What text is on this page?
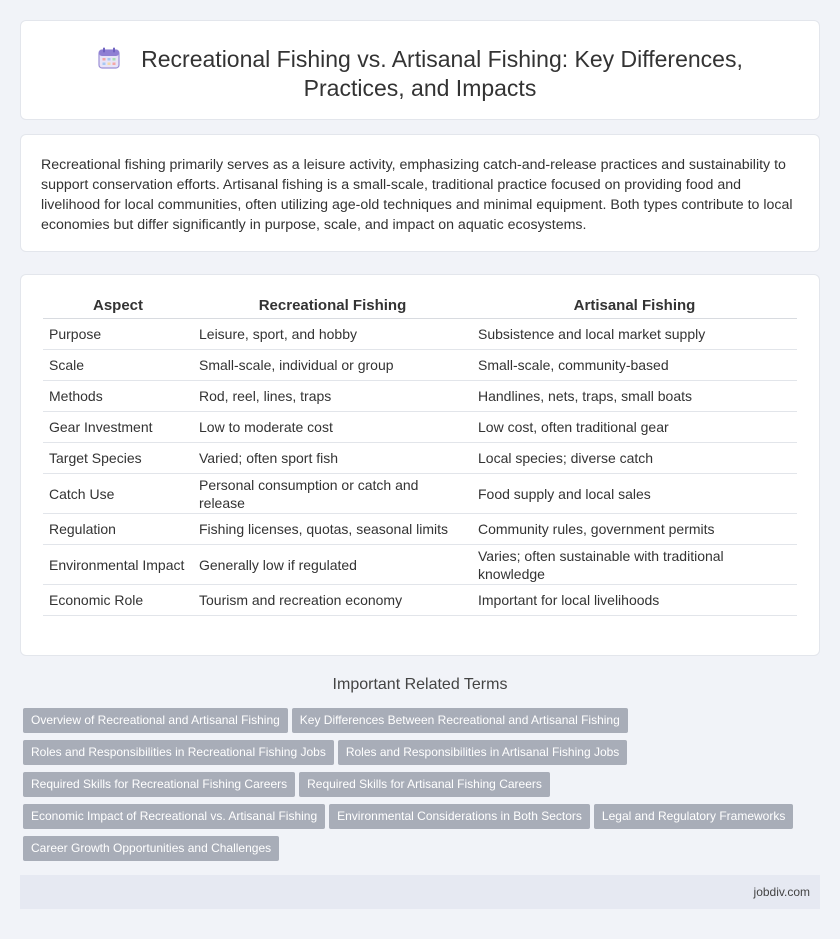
Recreational Fishing vs. Artisanal Fishing: Key Differences,
Practices, and Impacts

Recreational fishing primarily serves as a leisure activity, emphasizing catch-and-release practices and sustainability to support conservation efforts. Artisanal fishing is a small-scale, traditional practice focused on providing food and livelihood for local communities, often utilizing age-old techniques and minimal equipment. Both types contribute to local economies but differ significantly in purpose, scale, and impact on aquatic ecosystems.

Aspect	Recreational Fishing	Artisanal Fishing
Purpose	Leisure, sport, and hobby	Subsistence and local market supply
Scale	Small-scale, individual or group	Small-scale, community-based
Methods	Rod, reel, lines, traps	Handlines, nets, traps, small boats
Gear Investment	Low to moderate cost	Low cost, often traditional gear
Target Species	Varied; often sport fish	Local species; diverse catch
Catch Use	Personal consumption or catch and release	Food supply and local sales
Regulation	Fishing licenses, quotas, seasonal limits	Community rules, government permits
Environmental Impact	Generally low if regulated	Varies; often sustainable with traditional knowledge
Economic Role	Tourism and recreation economy	Important for local livelihoods
Important Related Terms
Overview of Recreational and Artisanal Fishing Key Differences Between Recreational and Artisanal Fishing
Roles and Responsibilities in Recreational Fishing Jobs Roles and Responsibilities in Artisanal Fishing Jobs
Required Skills for Recreational Fishing Careers Required Skills for Artisanal Fishing Careers
Economic Impact of Recreational vs. Artisanal Fishing Environmental Considerations in Both Sectors Legal and Regulatory Frameworks
Career Growth Opportunities and Challenges
jobdiv.com
